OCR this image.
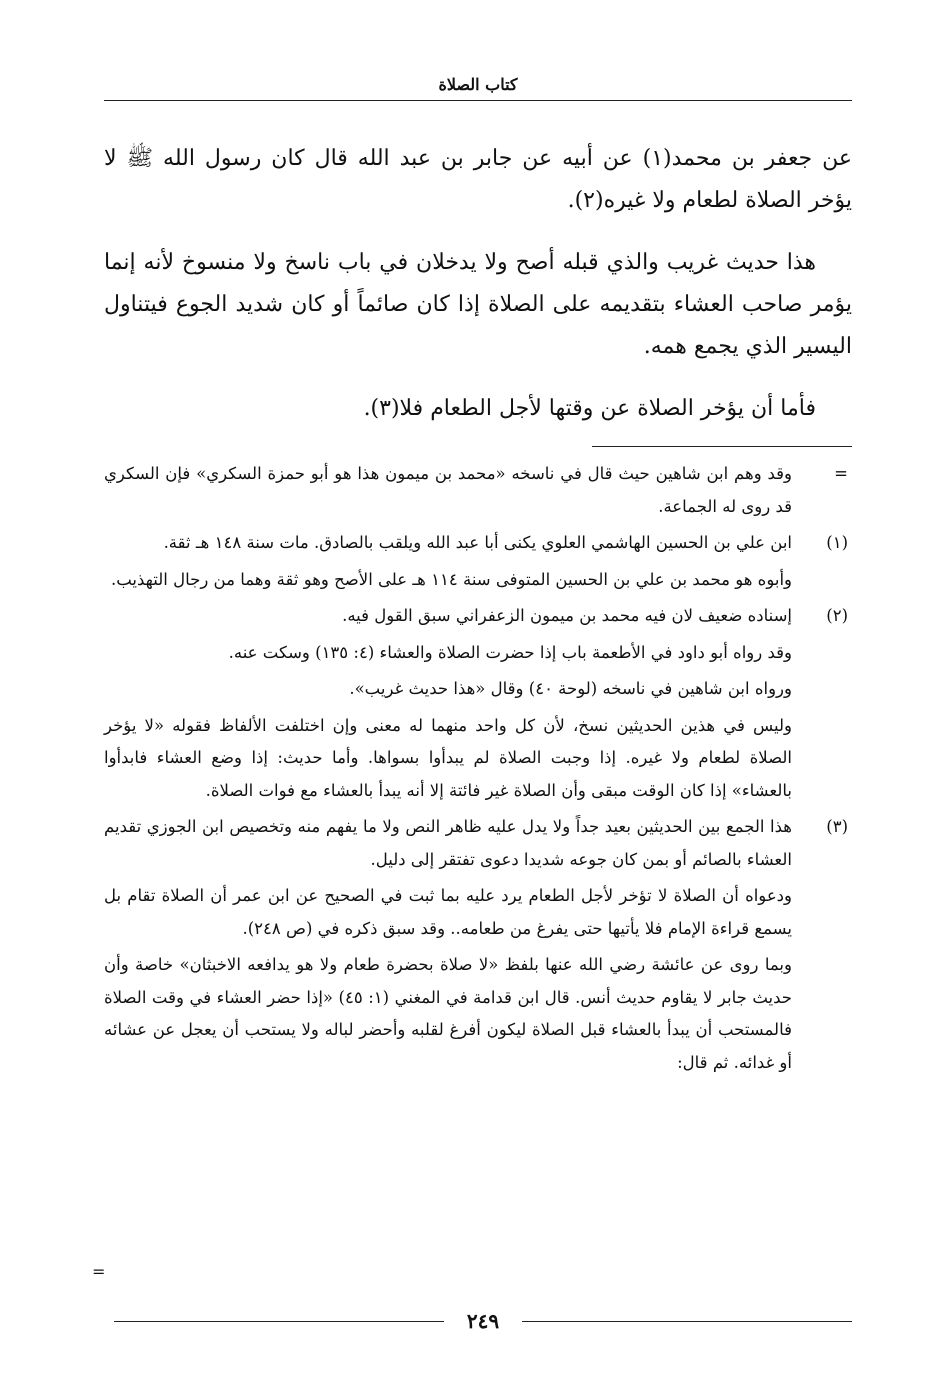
كتاب الصلاة

عن جعفر بن محمد(١) عن أبيه عن جابر بن عبد الله قال كان رسول الله ﷺ لا يؤخر الصلاة لطعام ولا غيره(٢).

هذا حديث غريب والذي قبله أصح ولا يدخلان في باب ناسخ ولا منسوخ لأنه إنما يؤمر صاحب العشاء بتقديمه على الصلاة إذا كان صائماً أو كان شديد الجوع فيتناول اليسير الذي يجمع همه.

فأما أن يؤخر الصلاة عن وقتها لأجل الطعام فلا(٣).

=

وقد وهم ابن شاهين حيث قال في ناسخه «محمد بن ميمون هذا هو أبو حمزة السكري» فإن السكري قد روى له الجماعة.

(١)

ابن علي بن الحسين الهاشمي العلوي يكنى أبا عبد الله ويلقب بالصادق. مات سنة ١٤٨ هـ ثقة.

وأبوه هو محمد بن علي بن الحسين المتوفى سنة ١١٤ هـ على الأصح وهو ثقة وهما من رجال التهذيب.

(٢)

إسناده ضعيف لان فيه محمد بن ميمون الزعفراني سبق القول فيه.

وقد رواه أبو داود في الأطعمة باب إذا حضرت الصلاة والعشاء (٤: ١٣٥) وسكت عنه.

ورواه ابن شاهين في ناسخه (لوحة ٤٠) وقال «هذا حديث غريب».

وليس في هذين الحديثين نسخ، لأن كل واحد منهما له معنى وإن اختلفت الألفاظ فقوله «لا يؤخر الصلاة لطعام ولا غيره. إذا وجبت الصلاة لم يبدأوا بسواها. وأما حديث: إذا وضع العشاء فابدأوا بالعشاء» إذا كان الوقت مبقى وأن الصلاة غير فائتة إلا أنه يبدأ بالعشاء مع فوات الصلاة.

(٣)

هذا الجمع بين الحديثين بعيد جداً ولا يدل عليه ظاهر النص ولا ما يفهم منه وتخصيص ابن الجوزي تقديم العشاء بالصائم أو بمن كان جوعه شديدا دعوى تفتقر إلى دليل.

ودعواه أن الصلاة لا تؤخر لأجل الطعام يرد عليه بما ثبت في الصحيح عن ابن عمر أن الصلاة تقام بل يسمع قراءة الإمام فلا يأتيها حتى يفرغ من طعامه.. وقد سبق ذكره في (ص ٢٤٨).

وبما روى عن عائشة رضي الله عنها بلفظ «لا صلاة بحضرة طعام ولا هو يدافعه الاخبثان» خاصة وأن حديث جابر لا يقاوم حديث أنس. قال ابن قدامة في المغني (١: ٤٥) «إذا حضر العشاء في وقت الصلاة فالمستحب أن يبدأ بالعشاء قبل الصلاة ليكون أفرغ لقلبه وأحضر لباله ولا يستحب أن يعجل عن عشائه أو غدائه. ثم قال:

=
٢٤٩
